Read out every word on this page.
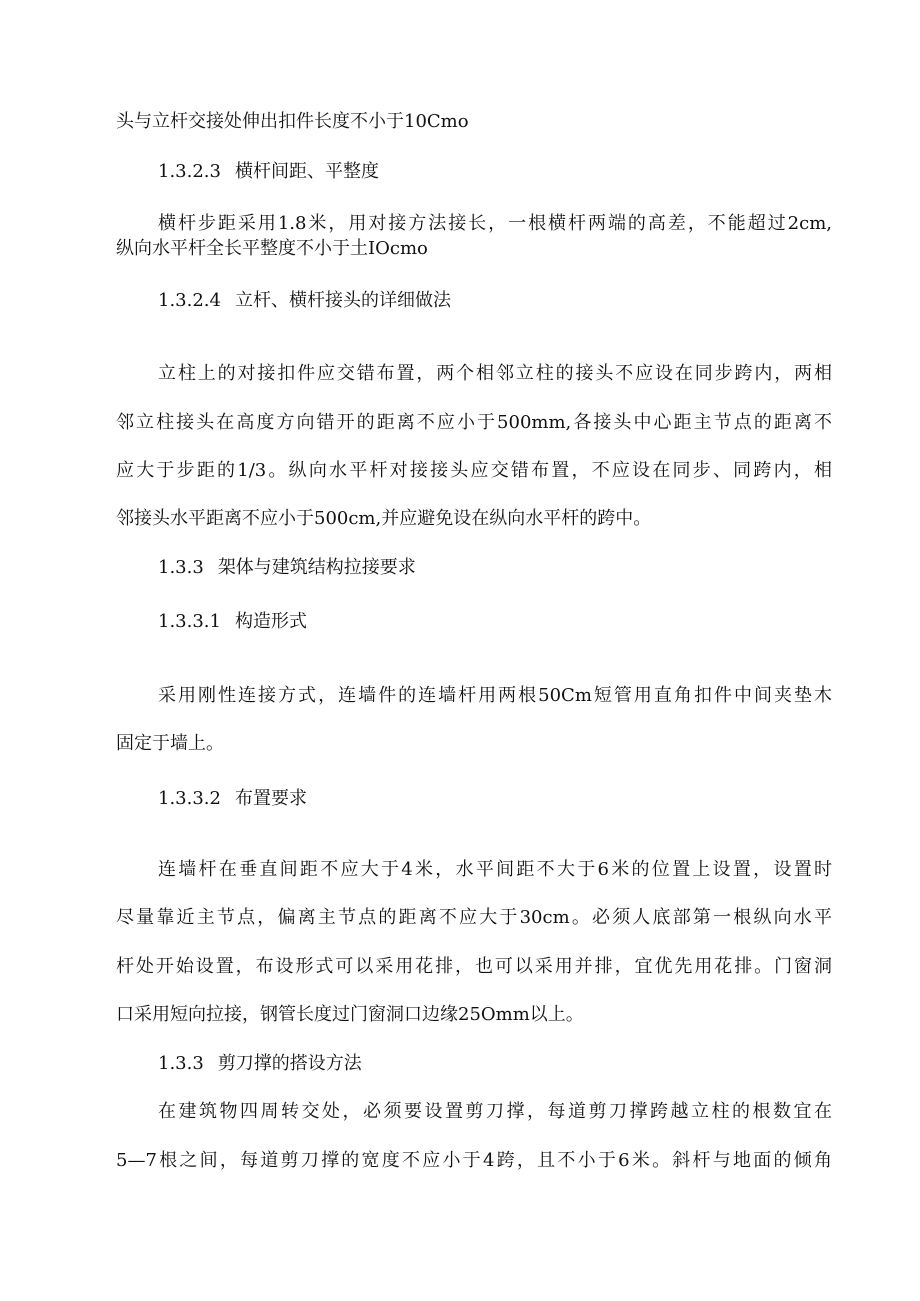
头与立杆交接处伸出扣件长度不小于10Cmo
1.3.2.3 横杆间距、平整度
横杆步距采用1.8米，用对接方法接长，一根横杆两端的高差，不能超过2cm,
纵向水平杆全长平整度不小于土IOcmo
1.3.2.4 立杆、横杆接头的详细做法
立柱上的对接扣件应交错布置，两个相邻立柱的接头不应设在同步跨内，两相
邻立柱接头在高度方向错开的距离不应小于500mm,各接头中心距主节点的距离不
应大于步距的1/3。纵向水平杆对接接头应交错布置，不应设在同步、同跨内，相
邻接头水平距离不应小于500cm,并应避免设在纵向水平杆的跨中。
1.3.3 架体与建筑结构拉接要求
1.3.3.1 构造形式
采用刚性连接方式，连墙件的连墙杆用两根50Cm短管用直角扣件中间夹垫木
固定于墙上。
1.3.3.2 布置要求
连墙杆在垂直间距不应大于4米，水平间距不大于6米的位置上设置，设置时
尽量靠近主节点，偏离主节点的距离不应大于30cm。必须人底部第一根纵向水平
杆处开始设置，布设形式可以采用花排，也可以采用并排，宜优先用花排。门窗洞
口采用短向拉接，钢管长度过门窗洞口边缘25Omm以上。
1.3.3 剪刀撑的搭设方法
在建筑物四周转交处，必须要设置剪刀撑，每道剪刀撑跨越立柱的根数宜在
5—7根之间，每道剪刀撑的宽度不应小于4跨，且不小于6米。斜杆与地面的倾角
